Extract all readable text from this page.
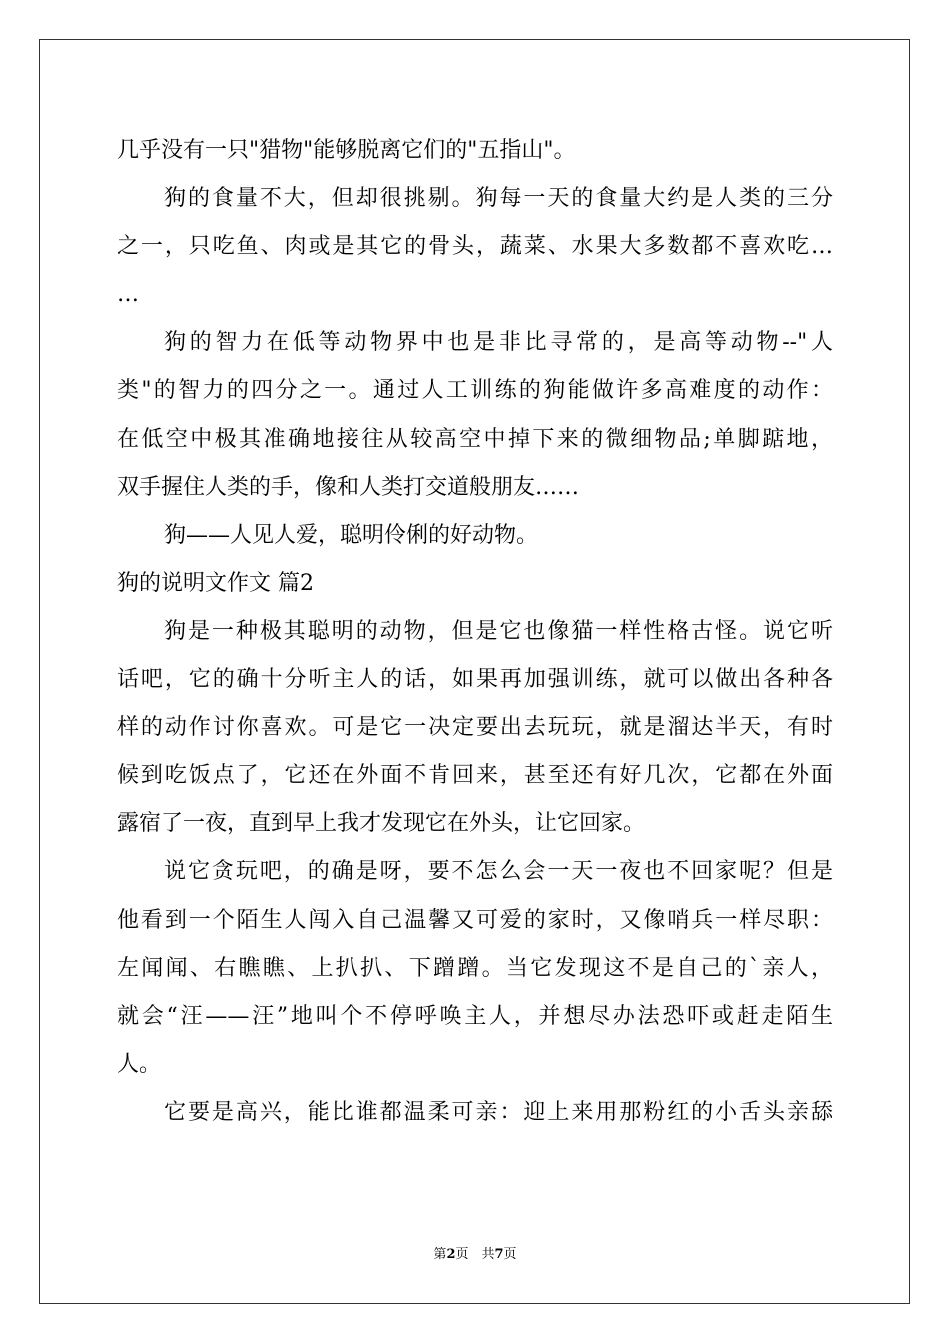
几乎没有一只"猎物"能够脱离它们的"五指山"。
狗的食量不大，但却很挑剔。狗每一天的食量大约是人类的三分
之一，只吃鱼、肉或是其它的骨头，蔬菜、水果大多数都不喜欢吃…
…
狗的智力在低等动物界中也是非比寻常的，是高等动物--"人
类"的智力的四分之一。通过人工训练的狗能做许多高难度的动作：
在低空中极其准确地接往从较高空中掉下来的微细物品;单脚踮地，
双手握住人类的手，像和人类打交道般朋友……
狗——人见人爱，聪明伶俐的好动物。
狗的说明文作文 篇2
狗是一种极其聪明的动物，但是它也像猫一样性格古怪。说它听
话吧，它的确十分听主人的话，如果再加强训练，就可以做出各种各
样的动作讨你喜欢。可是它一决定要出去玩玩，就是溜达半天，有时
候到吃饭点了，它还在外面不肯回来，甚至还有好几次，它都在外面
露宿了一夜，直到早上我才发现它在外头，让它回家。
说它贪玩吧，的确是呀，要不怎么会一天一夜也不回家呢？但是
他看到一个陌生人闯入自己温馨又可爱的家时，又像哨兵一样尽职：
左闻闻、右瞧瞧、上扒扒、下蹭蹭。当它发现这不是自己的`亲人，
就会“汪——汪”地叫个不停呼唤主人，并想尽办法恐吓或赶走陌生
人。
它要是高兴，能比谁都温柔可亲：迎上来用那粉红的小舌头亲舔
第2页　共7页
